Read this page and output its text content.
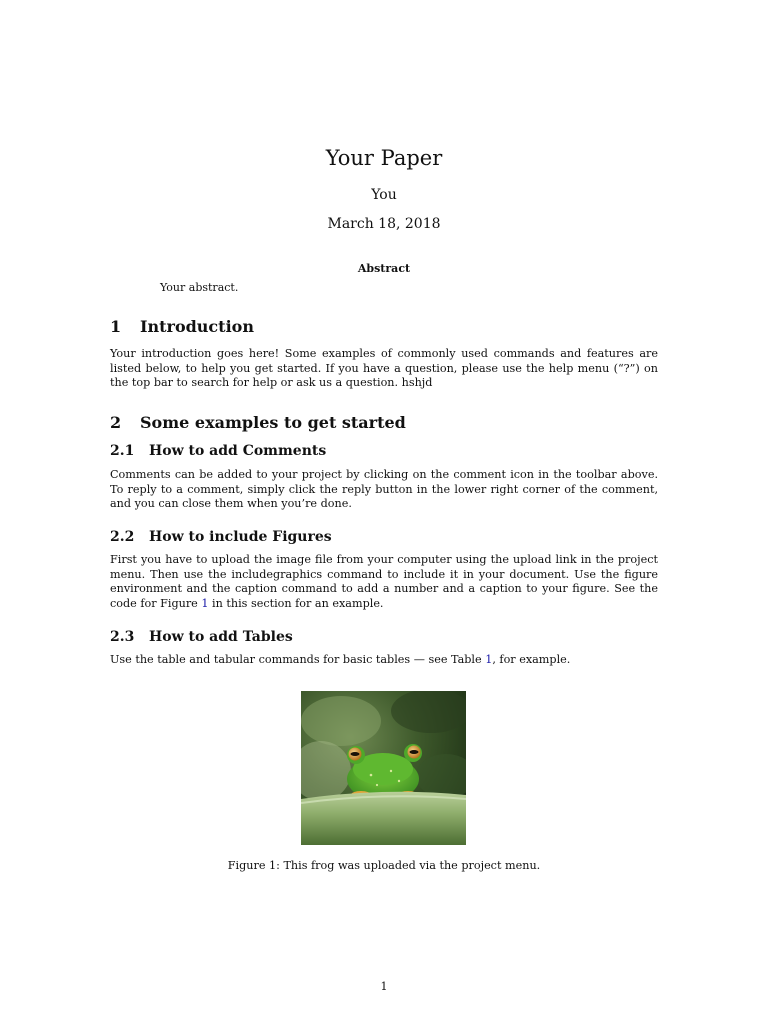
Your Paper
You
March 18, 2018
Abstract
Your abstract.
1 Introduction
Your introduction goes here! Some examples of commonly used commands and features are listed below, to help you get started. If you have a question, please use the help menu (“?”) on the top bar to search for help or ask us a question. hshjd
2 Some examples to get started
2.1 How to add Comments
Comments can be added to your project by clicking on the comment icon in the toolbar above. To reply to a comment, simply click the reply button in the lower right corner of the comment, and you can close them when you’re done.
2.2 How to include Figures
First you have to upload the image file from your computer using the upload link in the project menu. Then use the includegraphics command to include it in your document. Use the figure environment and the caption command to add a number and a caption to your figure. See the code for Figure 1 in this section for an example.
2.3 How to add Tables
Use the table and tabular commands for basic tables — see Table 1, for example.
Figure 1: This frog was uploaded via the project menu.
1
